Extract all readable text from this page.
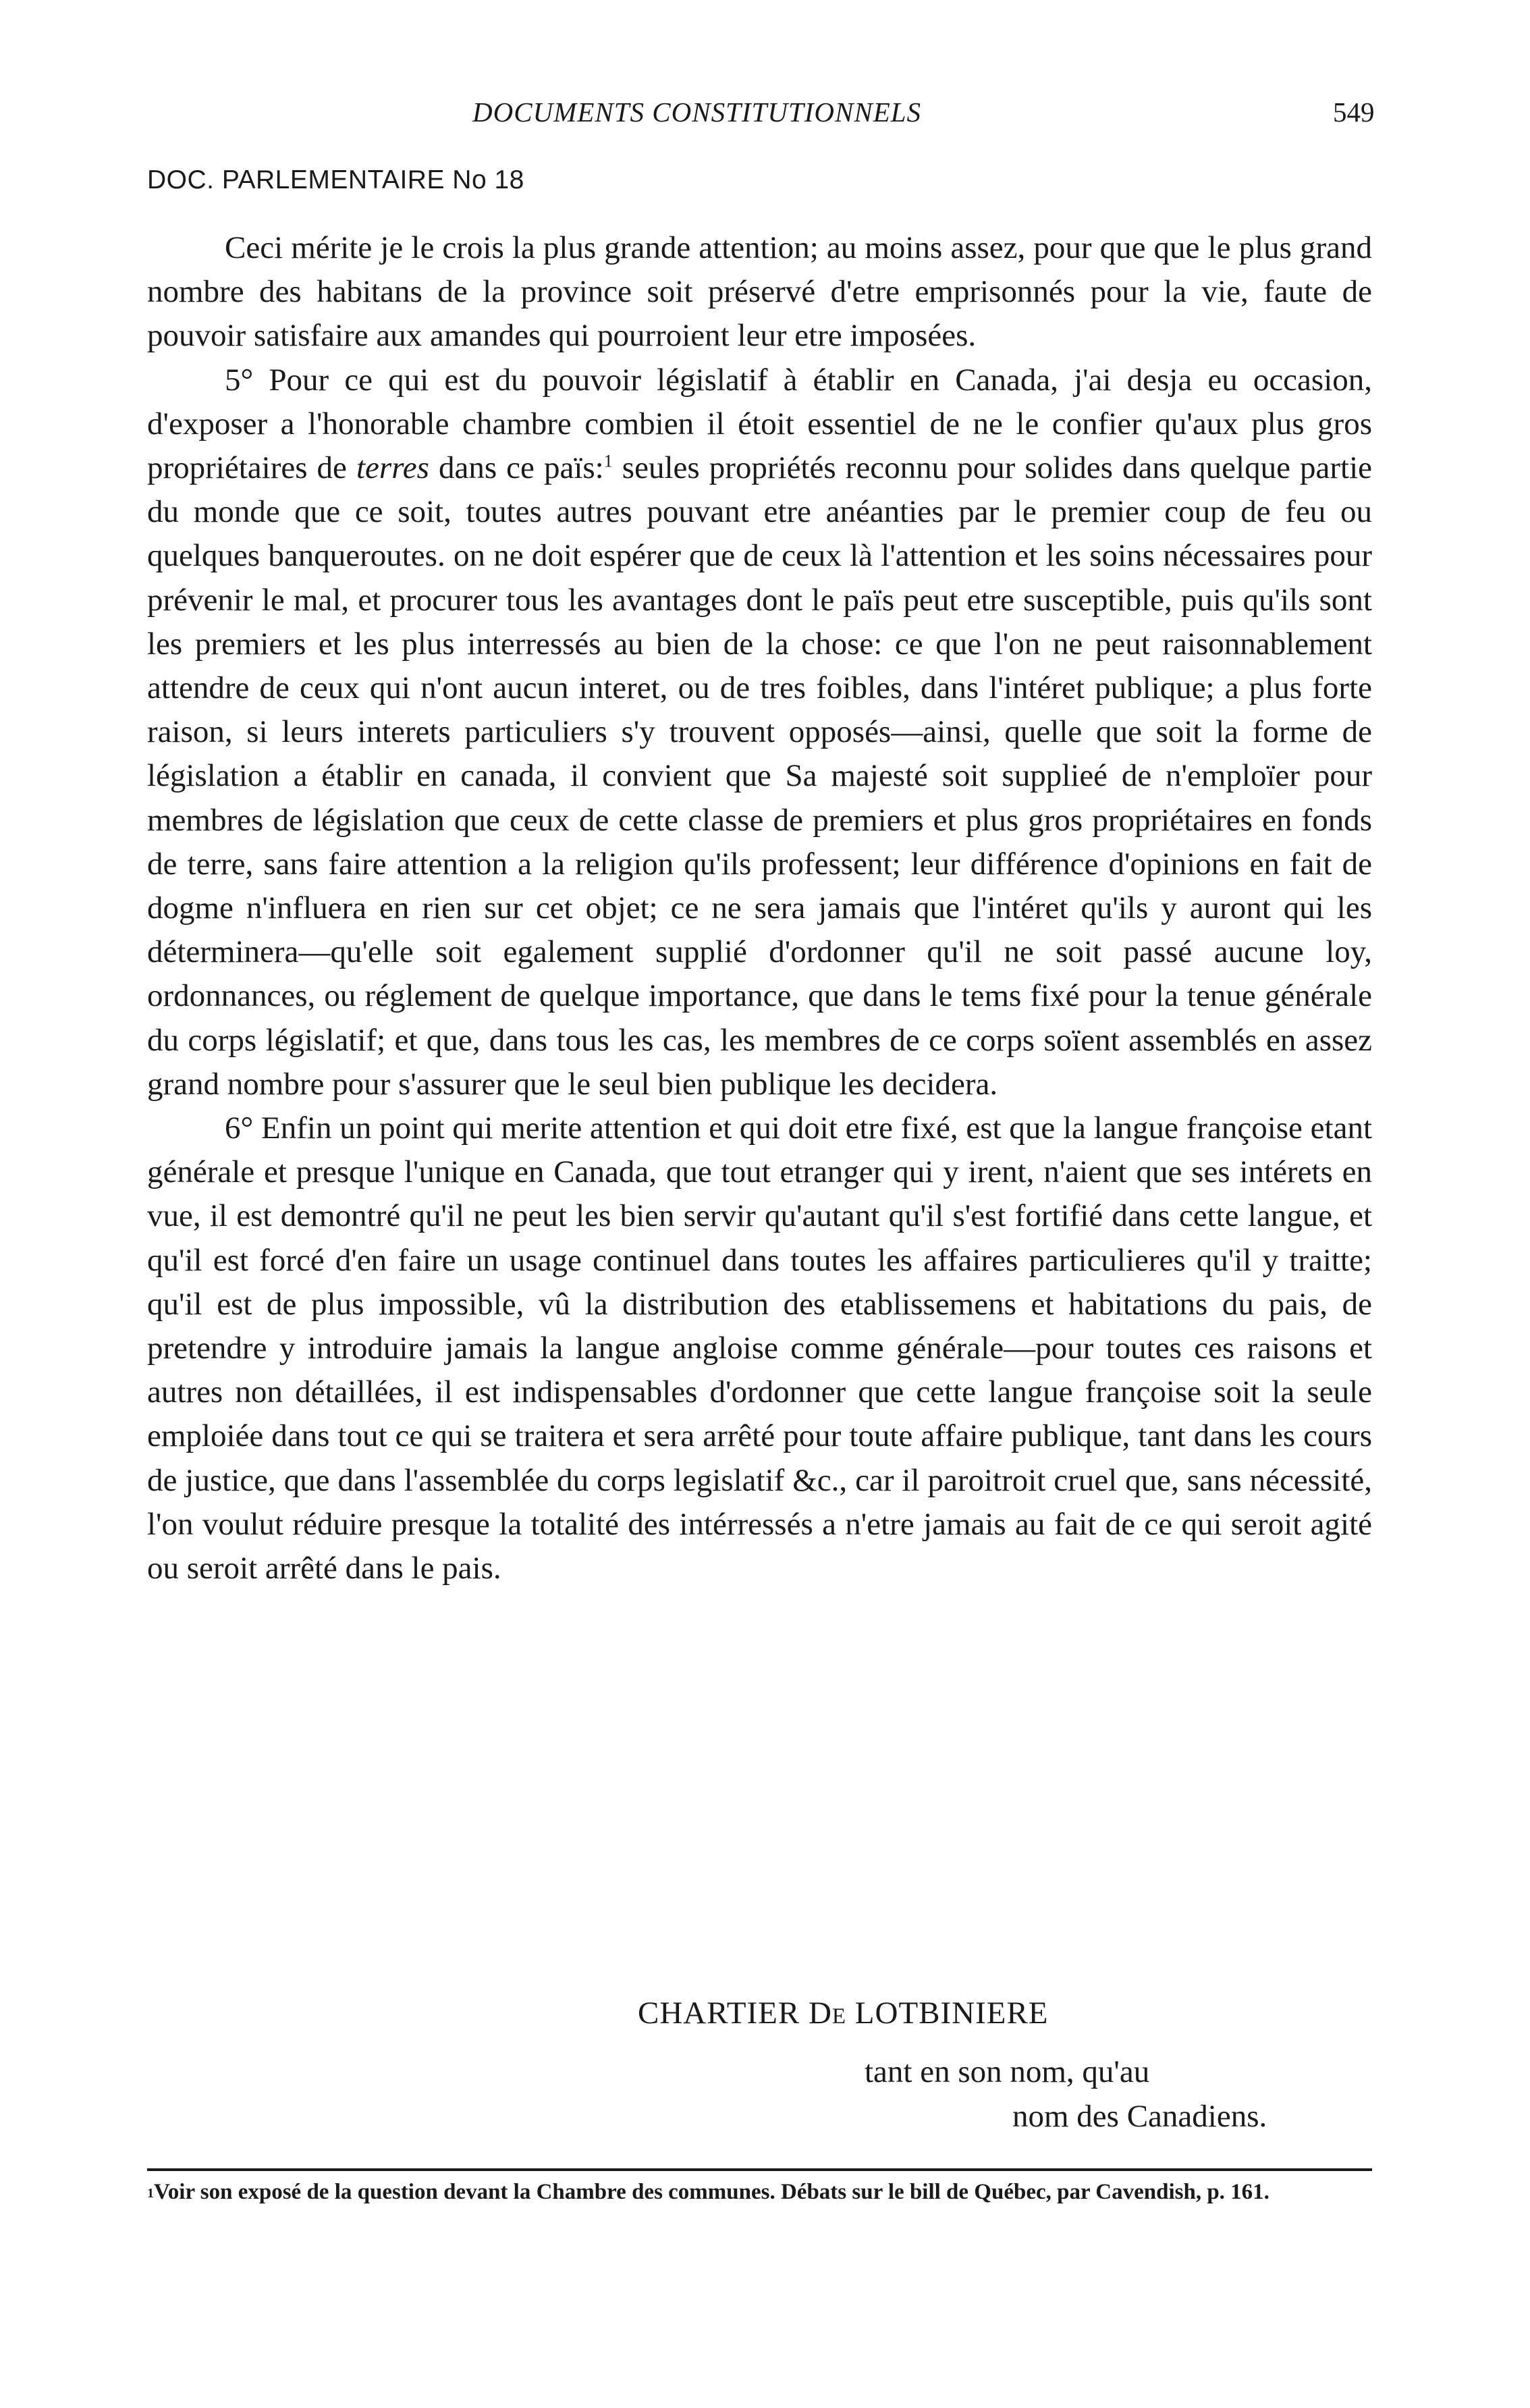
DOCUMENTS CONSTITUTIONNELS	549
DOC. PARLEMENTAIRE No 18

Ceci mérite je le crois la plus grande attention; au moins assez, pour que que le plus grand nombre des habitans de la province soit préservé d'etre emprisonnés pour la vie, faute de pouvoir satisfaire aux amandes qui pourroient leur etre imposées.

5° Pour ce qui est du pouvoir législatif à établir en Canada, j'ai desja eu occasion, d'exposer a l'honorable chambre combien il étoit essentiel de ne le confier qu'aux plus gros propriétaires de terres dans ce païs:$^1$ seules propriétés reconnu pour solides dans quelque partie du monde que ce soit, toutes autres pouvant etre anéanties par le premier coup de feu ou quelques banqueroutes. on ne doit espérer que de ceux là l'attention et les soins nécessaires pour prévenir le mal, et procurer tous les avantages dont le païs peut etre susceptible, puis qu'ils sont les premiers et les plus interressés au bien de la chose: ce que l'on ne peut raisonnablement attendre de ceux qui n'ont aucun interet, ou de tres foibles, dans l'intéret publique; a plus forte raison, si leurs interets particuliers s'y trouvent opposés—ainsi, quelle que soit la forme de législation a établir en canada, il convient que Sa majesté soit supplieé de n'emploïer pour membres de législation que ceux de cette classe de premiers et plus gros propriétaires en fonds de terre, sans faire attention a la religion qu'ils professent; leur différence d'opinions en fait de dogme n'influera en rien sur cet objet; ce ne sera jamais que l'intéret qu'ils y auront qui les déterminera—qu'elle soit egalement supplié d'ordonner qu'il ne soit passé aucune loy, ordonnances, ou réglement de quelque importance, que dans le tems fixé pour la tenue générale du corps législatif; et que, dans tous les cas, les membres de ce corps soïent assemblés en assez grand nombre pour s'assurer que le seul bien publique les decidera.

6° Enfin un point qui merite attention et qui doit etre fixé, est que la langue françoise etant générale et presque l'unique en Canada, que tout etranger qui y irent, n'aient que ses intérets en vue, il est demontré qu'il ne peut les bien servir qu'autant qu'il s'est fortifié dans cette langue, et qu'il est forcé d'en faire un usage continuel dans toutes les affaires particulieres qu'il y traitte; qu'il est de plus impossible, vû la distribution des etablissemens et habitations du pais, de pretendre y introduire jamais la langue angloise comme générale—pour toutes ces raisons et autres non détaillées, il est indispensables d'ordonner que cette langue françoise soit la seule emploiée dans tout ce qui se traitera et sera arrêté pour toute affaire publique, tant dans les cours de justice, que dans l'assemblée du corps legislatif &c., car il paroitroit cruel que, sans nécessité, l'on voulut réduire presque la totalité des intérressés a n'etre jamais au fait de ce qui seroit agité ou seroit arrêté dans le pais.

CHARTIER De LOTBINIERE
tant en son nom, qu'au
nom des Canadiens.
$^1$Voir son exposé de la question devant la Chambre des communes. Débats sur le bill de Québec, par Cavendish, p. 161.
